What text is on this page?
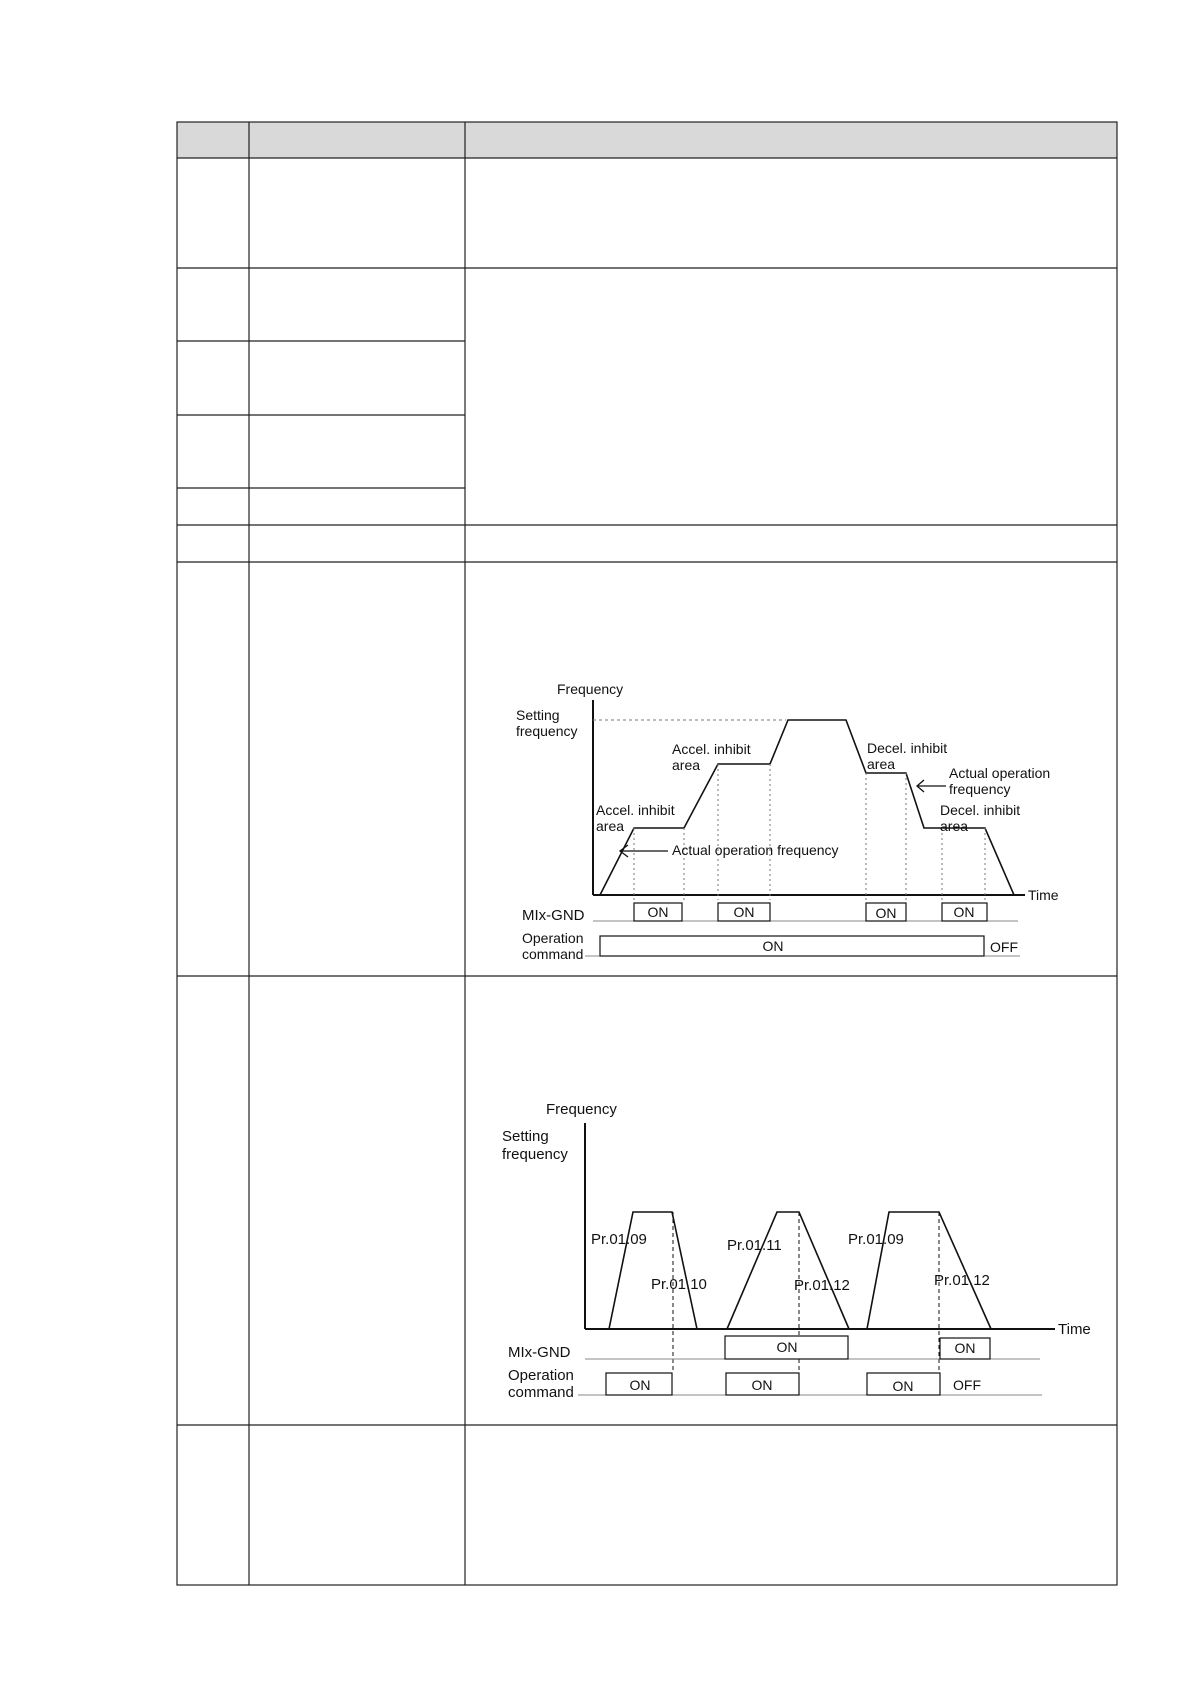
Frequency
Time
Setting
frequency
Accel. inhibit
area
Accel. inhibit
area
Decel. inhibit
area
Decel. inhibit
area
Actual operation
frequency
Actual operation frequency
MIx-GND	ON	ON	ON	ON
Operation
command	ON	OFF
Frequency
Time
Setting
frequency
Pr.01.09
Pr.01.10
Pr.01.11
Pr.01.12
Pr.01.09
Pr.01.12
MIx-GND	ON	ON
Operation
command	ON	ON	ON	OFF
